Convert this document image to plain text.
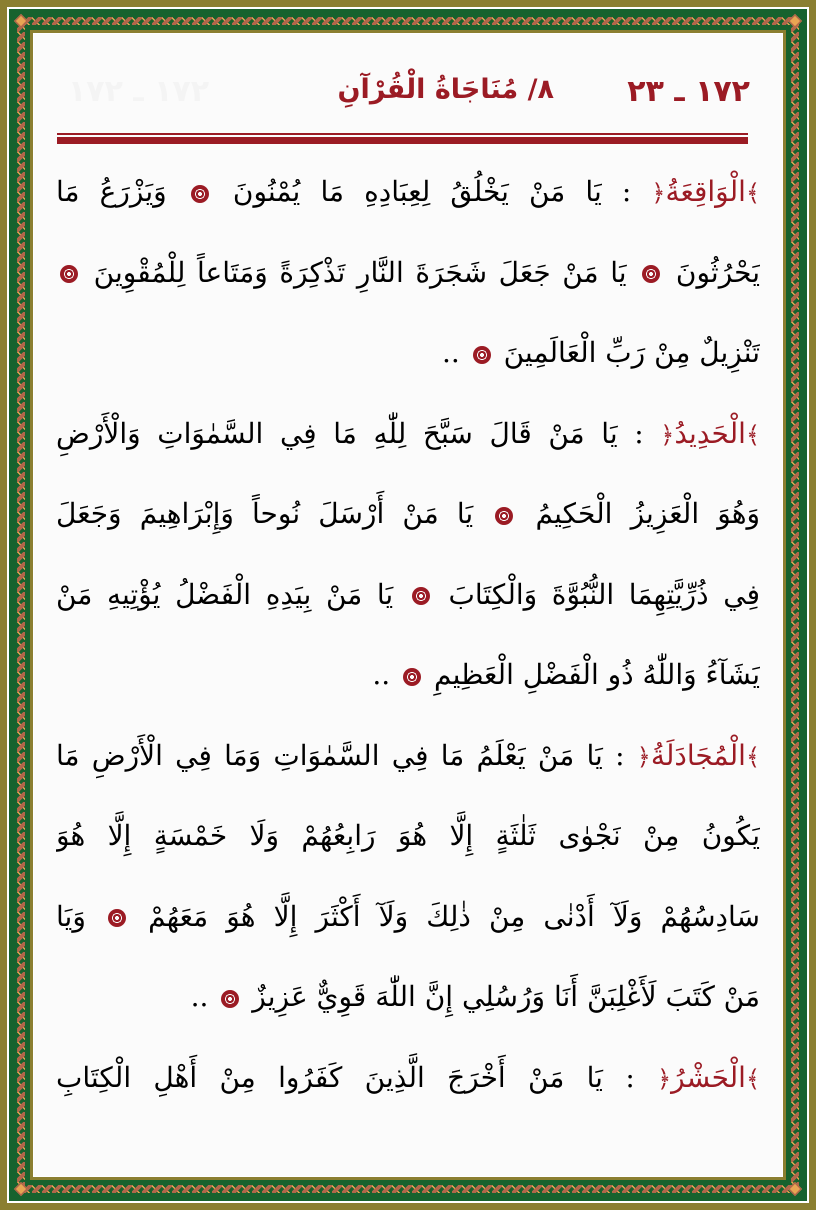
١٧٢ ـ ٢٣
٨/ مُنَاجَاةُ الْقُرْآنِ
١٧٢ ـ ١٧٢
﴾الْوَاقِعَةُ﴿ : يَا مَنْ يَخْلُقُ لِعِبَادِهِ مَا يُمْنُونَ  وَيَزْرَعُ مَا
يَحْرُثُونَ  يَا مَنْ جَعَلَ شَجَرَةَ النَّارِ تَذْكِرَةً وَمَتَاعاً لِلْمُقْوِينَ
تَنْزِيلٌ مِنْ رَبِّ الْعَالَمِينَ  ..
﴾الْحَدِيدُ﴿ : يَا مَنْ قَالَ سَبَّحَ لِلّٰهِ مَا فِي السَّمٰوَاتِ وَالْأَرْضِ
وَهُوَ الْعَزِيزُ الْحَكِيمُ  يَا مَنْ أَرْسَلَ نُوحاً وَإِبْرَاهِيمَ وَجَعَلَ
فِي ذُرِّيَّتِهِمَا النُّبُوَّةَ وَالْكِتَابَ  يَا مَنْ بِيَدِهِ الْفَضْلُ يُؤْتِيهِ مَنْ
يَشَآءُ وَاللّٰهُ ذُو الْفَضْلِ الْعَظِيمِ  ..
﴾الْمُجَادَلَةُ﴿ : يَا مَنْ يَعْلَمُ مَا فِي السَّمٰوَاتِ وَمَا فِي الْأَرْضِ مَا
يَكُونُ مِنْ نَجْوٰى ثَلٰثَةٍ إِلَّا هُوَ رَابِعُهُمْ وَلَا خَمْسَةٍ إِلَّا هُوَ
سَادِسُهُمْ وَلَآ أَدْنٰى مِنْ ذٰلِكَ وَلَآ أَكْثَرَ إِلَّا هُوَ مَعَهُمْ  وَيَا
مَنْ كَتَبَ لَأَغْلِبَنَّ أَنَا وَرُسُلِي إِنَّ اللّٰهَ قَوِيٌّ عَزِيزٌ  ..
﴾الْحَشْرُ﴿ : يَا مَنْ أَخْرَجَ الَّذِينَ كَفَرُوا مِنْ أَهْلِ الْكِتَابِ
